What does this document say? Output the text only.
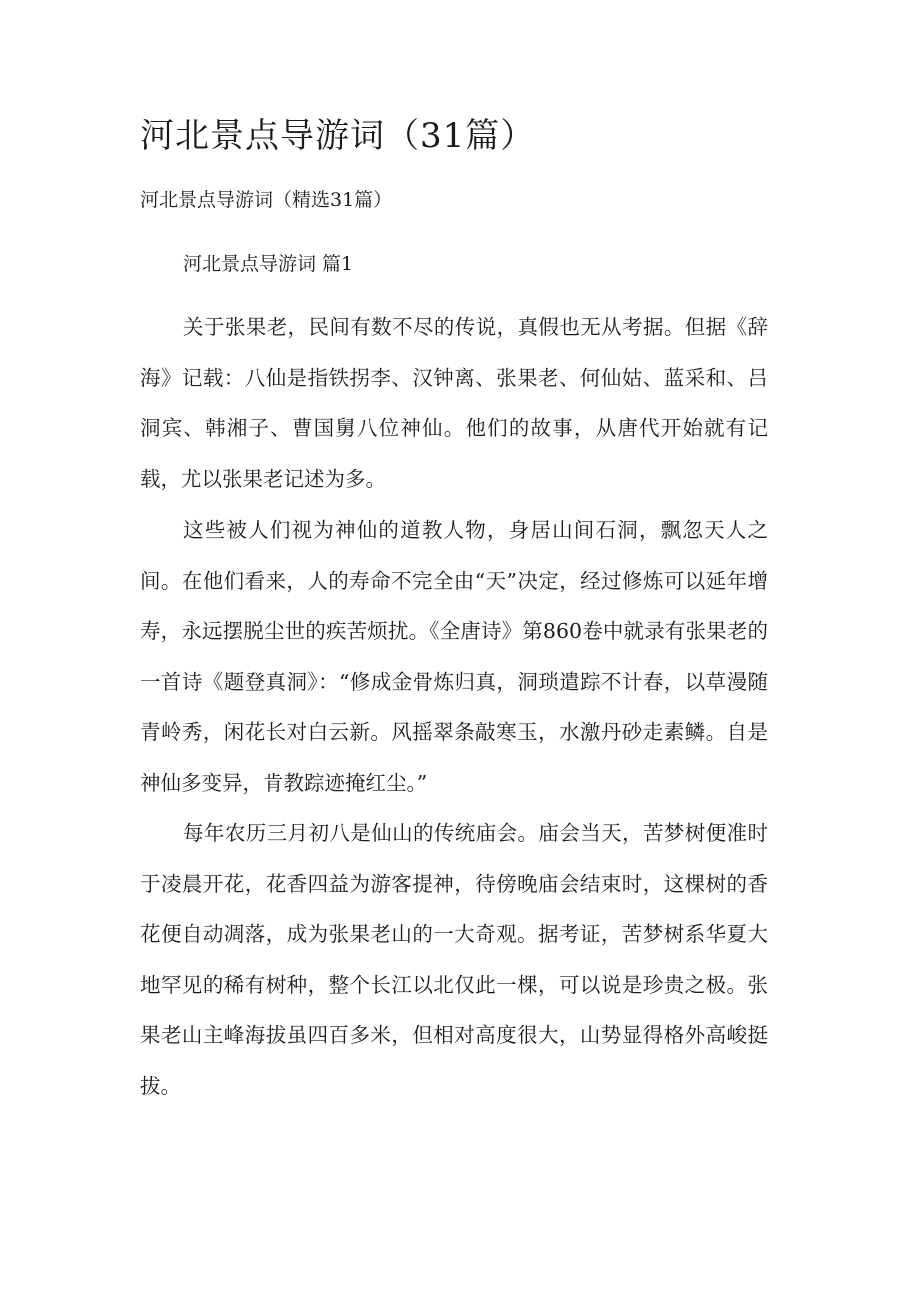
河北景点导游词（31篇）

河北景点导游词（精选31篇）

河北景点导游词 篇1

关于张果老，民间有数不尽的传说，真假也无从考据。但据《辞海》记载：八仙是指铁拐李、汉钟离、张果老、何仙姑、蓝采和、吕洞宾、韩湘子、曹国舅八位神仙。他们的故事，从唐代开始就有记载，尤以张果老记述为多。

这些被人们视为神仙的道教人物，身居山间石洞，飘忽天人之间。在他们看来，人的寿命不完全由“天”决定，经过修炼可以延年增寿，永远摆脱尘世的疾苦烦扰。《全唐诗》第860卷中就录有张果老的一首诗《题登真洞》：“修成金骨炼归真，洞琐遣踪不计春，以草漫随青岭秀，闲花长对白云新。风摇翠条敲寒玉，水激丹砂走素鳞。自是神仙多变异，肯教踪迹掩红尘。”

每年农历三月初八是仙山的传统庙会。庙会当天，苦梦树便准时于凌晨开花，花香四益为游客提神，待傍晚庙会结束时，这棵树的香花便自动凋落，成为张果老山的一大奇观。据考证，苦梦树系华夏大地罕见的稀有树种，整个长江以北仅此一棵，可以说是珍贵之极。张果老山主峰海拔虽四百多米，但相对高度很大，山势显得格外高峻挺拔。
